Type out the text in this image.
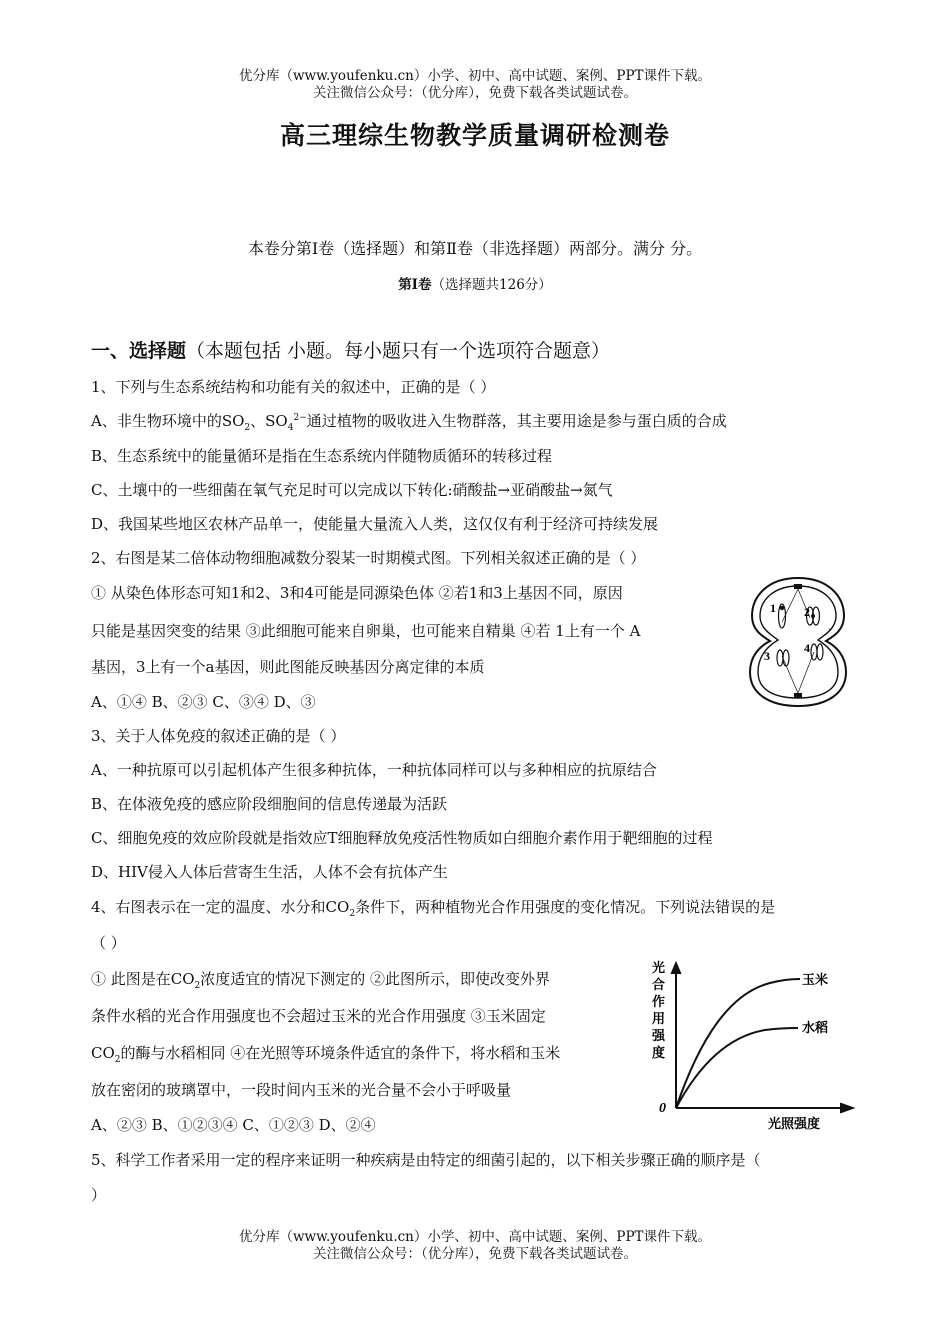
优分库（www.youfenku.cn）小学、初中、高中试题、案例、PPT课件下载。
关注微信公众号：（优分库），免费下载各类试题试卷。
高三理综生物教学质量调研检测卷
本卷分第Ⅰ卷（选择题）和第Ⅱ卷（非选择题）两部分。满分 分。
第Ⅰ卷（选择题共126分）
一、选择题（本题包括 小题。每小题只有一个选项符合题意）
1、下列与生态系统结构和功能有关的叙述中，正确的是（ ）
A、非生物环境中的$SO_2$、$SO_4^{2-}$通过植物的吸收进入生物群落，其主要用途是参与蛋白质的合成
B、生态系统中的能量循环是指在生态系统内伴随物质循环的转移过程
C、土壤中的一些细菌在氧气充足时可以完成以下转化:硝酸盐→亚硝酸盐→氮气
D、我国某些地区农林产品单一，使能量大量流入人类，这仅仅有利于经济可持续发展
2、右图是某二倍体动物细胞减数分裂某一时期模式图。下列相关叙述正确的是（ ）
① 从染色体形态可知1和2、3和4可能是同源染色体 ②若1和3上基因不同，原因
只能是基因突变的结果 ③此细胞可能来自卵巢，也可能来自精巢 ④若 1上有一个 A
基因，3上有一个a基因，则此图能反映基因分离定律的本质
A、①④ B、②③ C、③④ D、③
1 2
3
4
·
3、关于人体免疫的叙述正确的是（ ）
A、一种抗原可以引起机体产生很多种抗体，一种抗体同样可以与多种相应的抗原结合
B、在体液免疫的感应阶段细胞间的信息传递最为活跃
C、细胞免疫的效应阶段就是指效应T细胞释放免疫活性物质如白细胞介素作用于靶细胞的过程
D、HIV侵入人体后营寄生生活，人体不会有抗体产生
4、右图表示在一定的温度、水分和$CO_2$条件下，两种植物光合作用强度的变化情况。下列说法错误的是
（ ）
① 此图是在$CO_2$浓度适宜的情况下测定的 ②此图所示，即使改变外界
条件水稻的光合作用强度也不会超过玉米的光合作用强度 ③玉米固定
$CO_2$的酶与水稻相同 ④在光照等环境条件适宜的条件下，将水稻和玉米
放在密闭的玻璃罩中，一段时间内玉米的光合量不会小于呼吸量
A、②③ B、①②③④ C、①②③ D、②④
光
合
作
用
强
度
0
玉米
水稻
光照强度
5、科学工作者采用一定的程序来证明一种疾病是由特定的细菌引起的，以下相关步骤正确的顺序是（
）
优分库（www.youfenku.cn）小学、初中、高中试题、案例、PPT课件下载。
关注微信公众号：（优分库），免费下载各类试题试卷。
